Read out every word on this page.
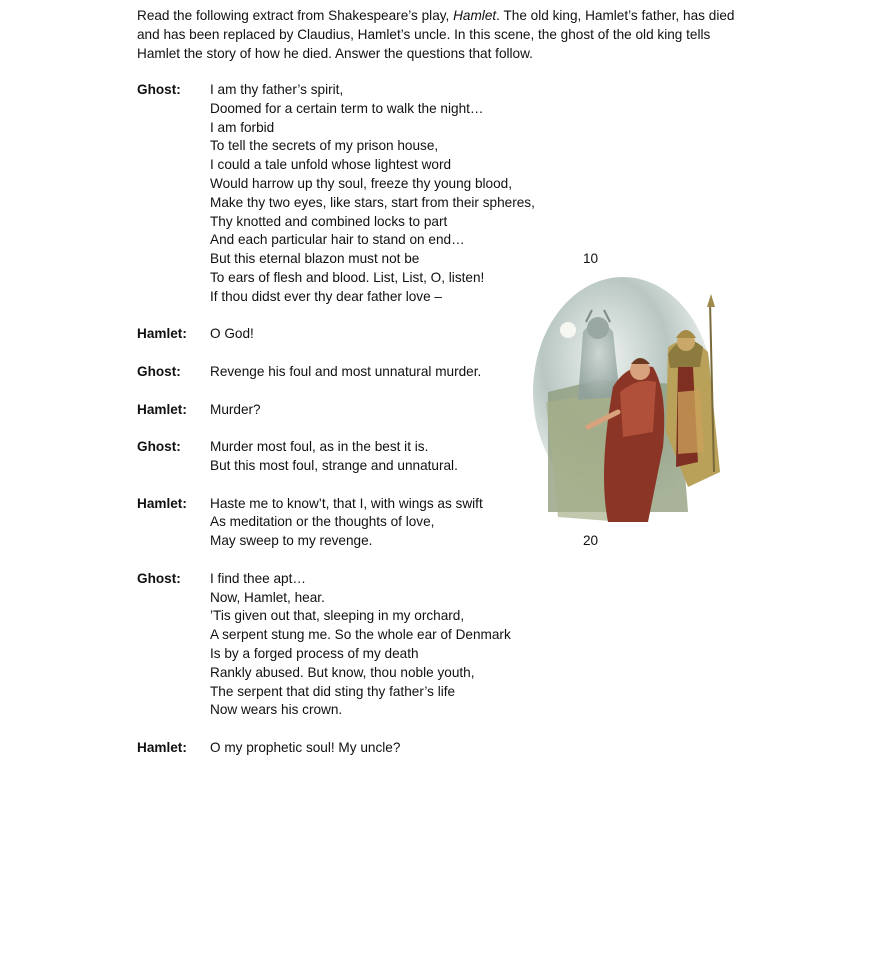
Read the following extract from Shakespeare’s play, Hamlet. The old king, Hamlet’s father, has died and has been replaced by Claudius, Hamlet’s uncle. In this scene, the ghost of the old king tells Hamlet the story of how he died. Answer the questions that follow.

Ghost:	I am thy father’s spirit,
Doomed for a certain term to walk the night…
I am forbid
To tell the secrets of my prison house,
I could a tale unfold whose lightest word
Would harrow up thy soul, freeze thy young blood,
Make thy two eyes, like stars, start from their spheres,
Thy knotted and combined locks to part
And each particular hair to stand on end…
But this eternal blazon must not be	10
To ears of flesh and blood. List, List, O, listen!
If thou didst ever thy dear father love –
Hamlet:	O God!
Ghost:	Revenge his foul and most unnatural murder.
Hamlet:	Murder?
Ghost:	Murder most foul, as in the best it is.
But this most foul, strange and unnatural.
Hamlet:	Haste me to know’t, that I, with wings as swift
As meditation or the thoughts of love,
May sweep to my revenge.	20
Ghost:	I find thee apt…
Now, Hamlet, hear.
’Tis given out that, sleeping in my orchard,
A serpent stung me. So the whole ear of Denmark
Is by a forged process of my death
Rankly abused. But know, thou noble youth,
The serpent that did sting thy father’s life
Now wears his crown.
Hamlet:	O my prophetic soul! My uncle?
